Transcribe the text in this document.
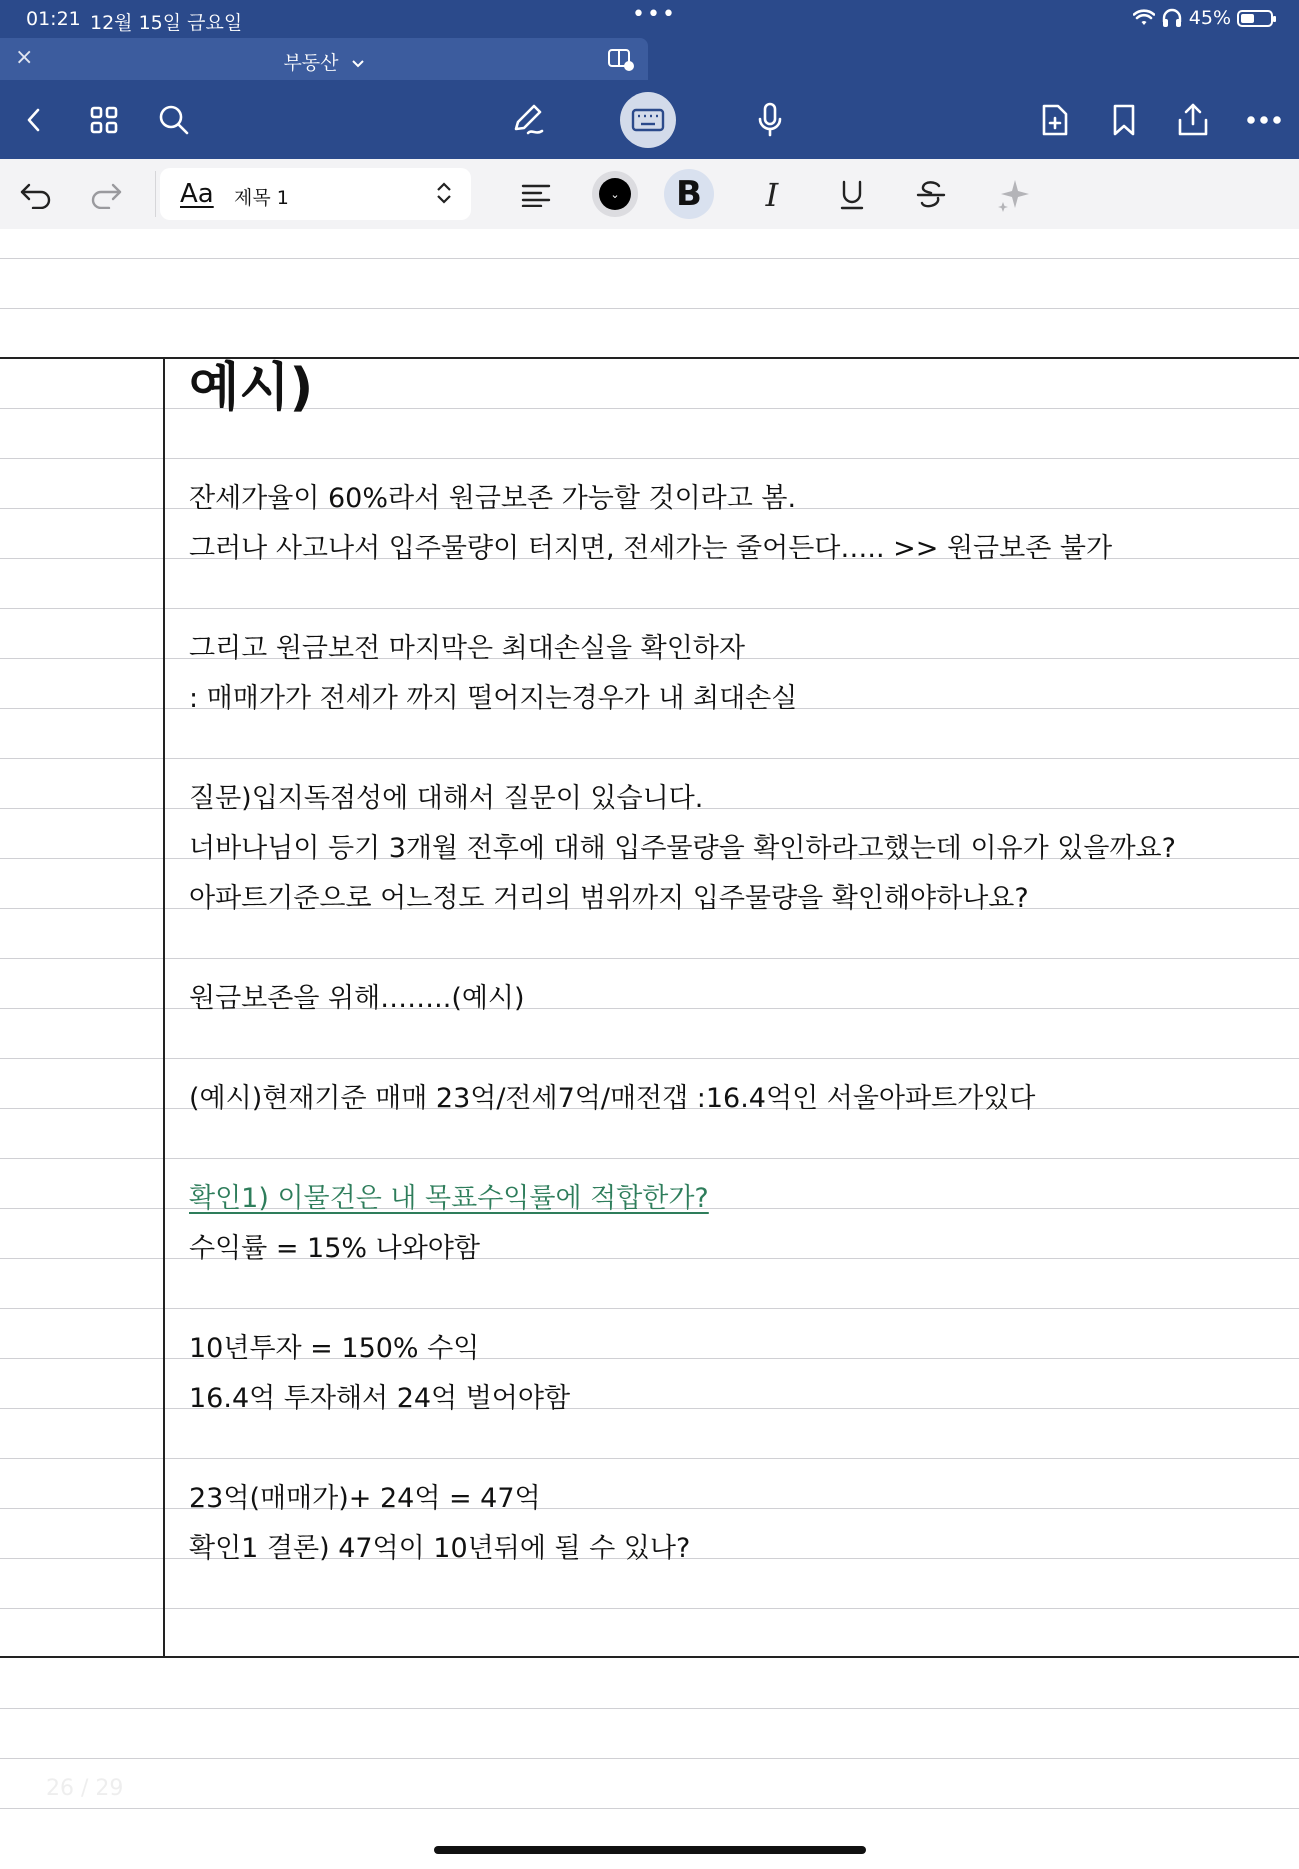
01:21 12월 15일 금요일	•••	45%
×	부동산
Aa 제목 1	⌄	B	I
예시)
잔세가율이 60%라서 원금보존 가능할 것이라고 봄.
그러나 사고나서 입주물량이 터지면, 전세가는 줄어든다….. >> 원금보존 불가
그리고 원금보전 마지막은 최대손실을 확인하자
: 매매가가 전세가 까지 떨어지는경우가 내 최대손실
질문)입지독점성에 대해서 질문이 있습니다.
너바나님이 등기 3개월 전후에 대해 입주물량을 확인하라고했는데 이유가 있을까요?
아파트기준으로 어느정도 거리의 범위까지 입주물량을 확인해야하나요?
원금보존을 위해……..(예시)
(예시)현재기준 매매 23억/전세7억/매전갭 :16.4억인 서울아파트가있다
확인1) 이물건은 내 목표수익률에 적합한가?
수익률 = 15% 나와야함
10년투자 = 150% 수익
16.4억 투자해서 24억 벌어야함
23억(매매가)+ 24억 = 47억
확인1 결론) 47억이 10년뒤에 될 수 있나?
26 / 29
